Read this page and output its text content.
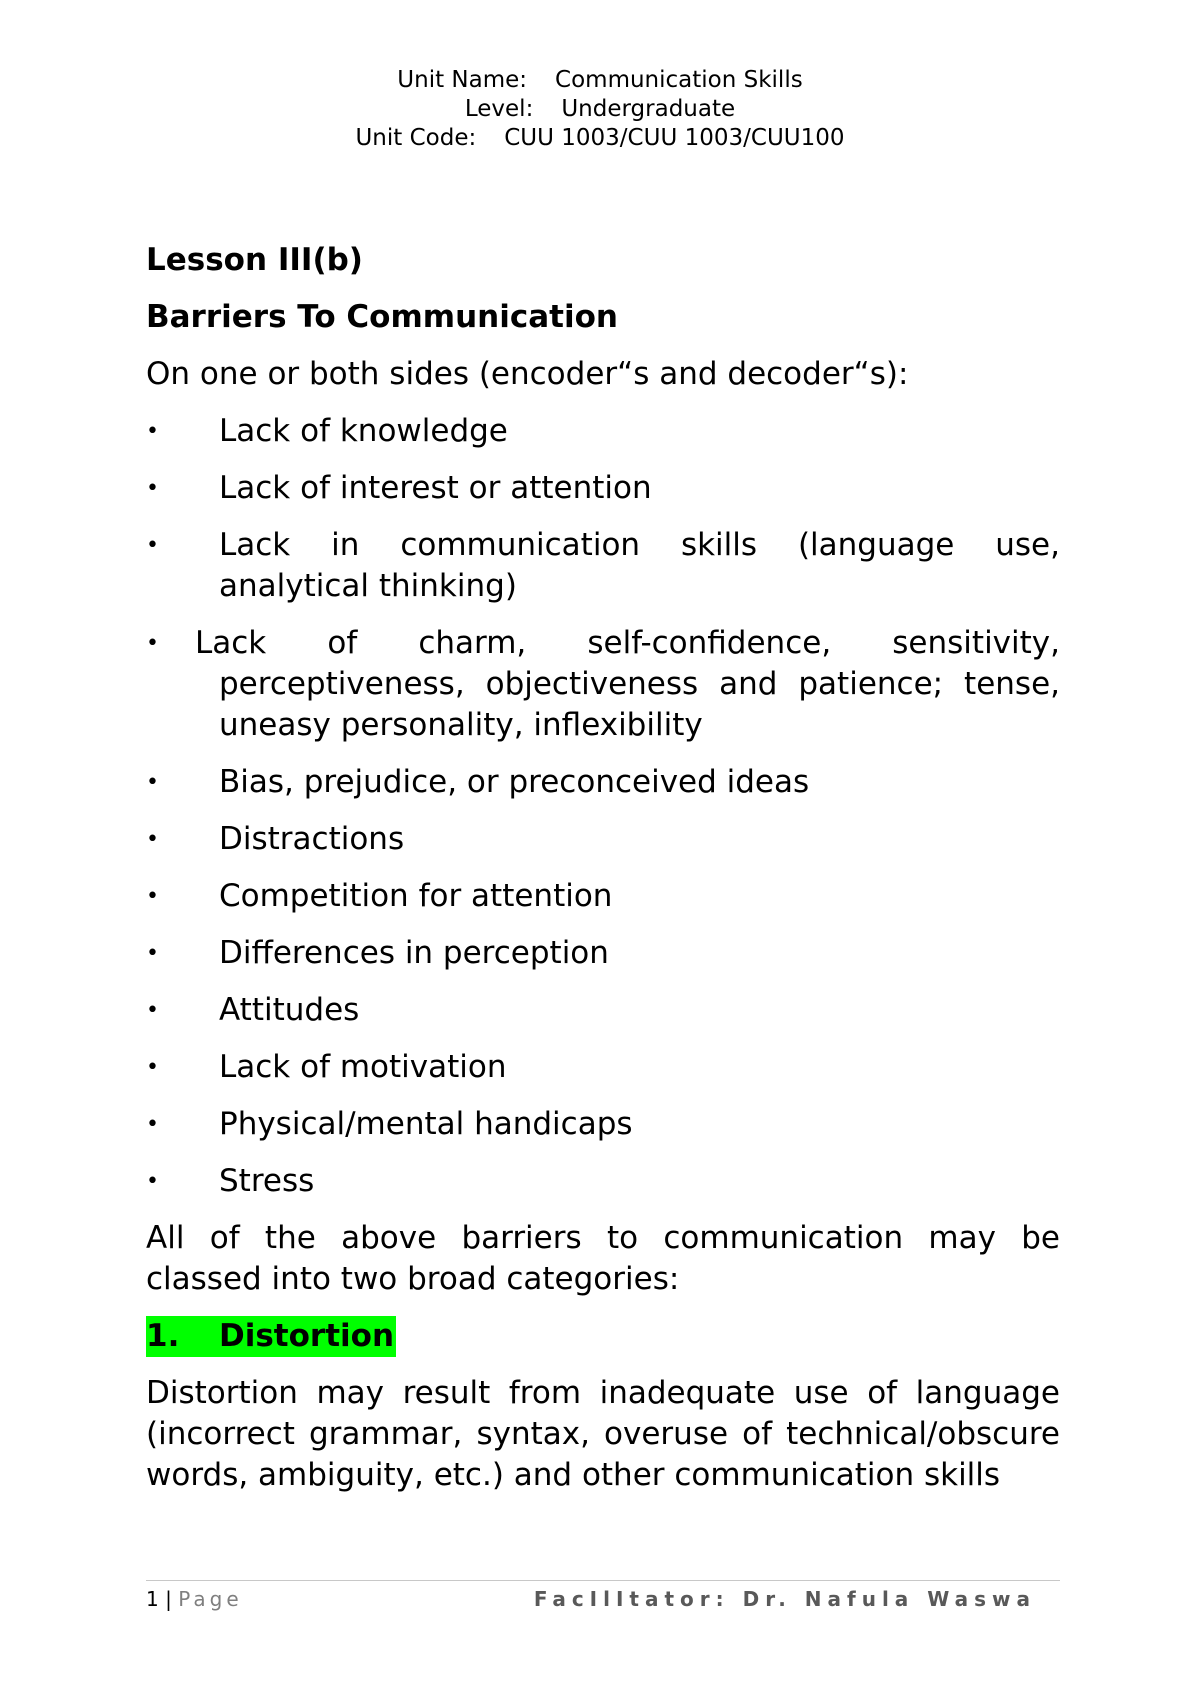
Unit Name: Communication Skills
Level: Undergraduate
Unit Code: CUU 1003/CUU 1003/CUU100
Lesson III(b)
Barriers To Communication
On one or both sides (encoder“s and decoder“s):
• Lack of knowledge
• Lack of interest or attention
• Lack in communication skills (language use, analytical thinking)
• Lack of charm, self-confidence, sensitivity, perceptiveness, objectiveness and patience; tense, uneasy personality, inflexibility
• Bias, prejudice, or preconceived ideas
• Distractions
• Competition for attention
• Differences in perception
• Attitudes
• Lack of motivation
• Physical/mental handicaps
• Stress
All of the above barriers to communication may be classed into two broad categories:
1. Distortion
Distortion may result from inadequate use of language (incorrect grammar, syntax, overuse of technical/obscure words, ambiguity, etc.) and other communication skills
1 | Page	FacIlItator: Dr. Nafula Waswa
